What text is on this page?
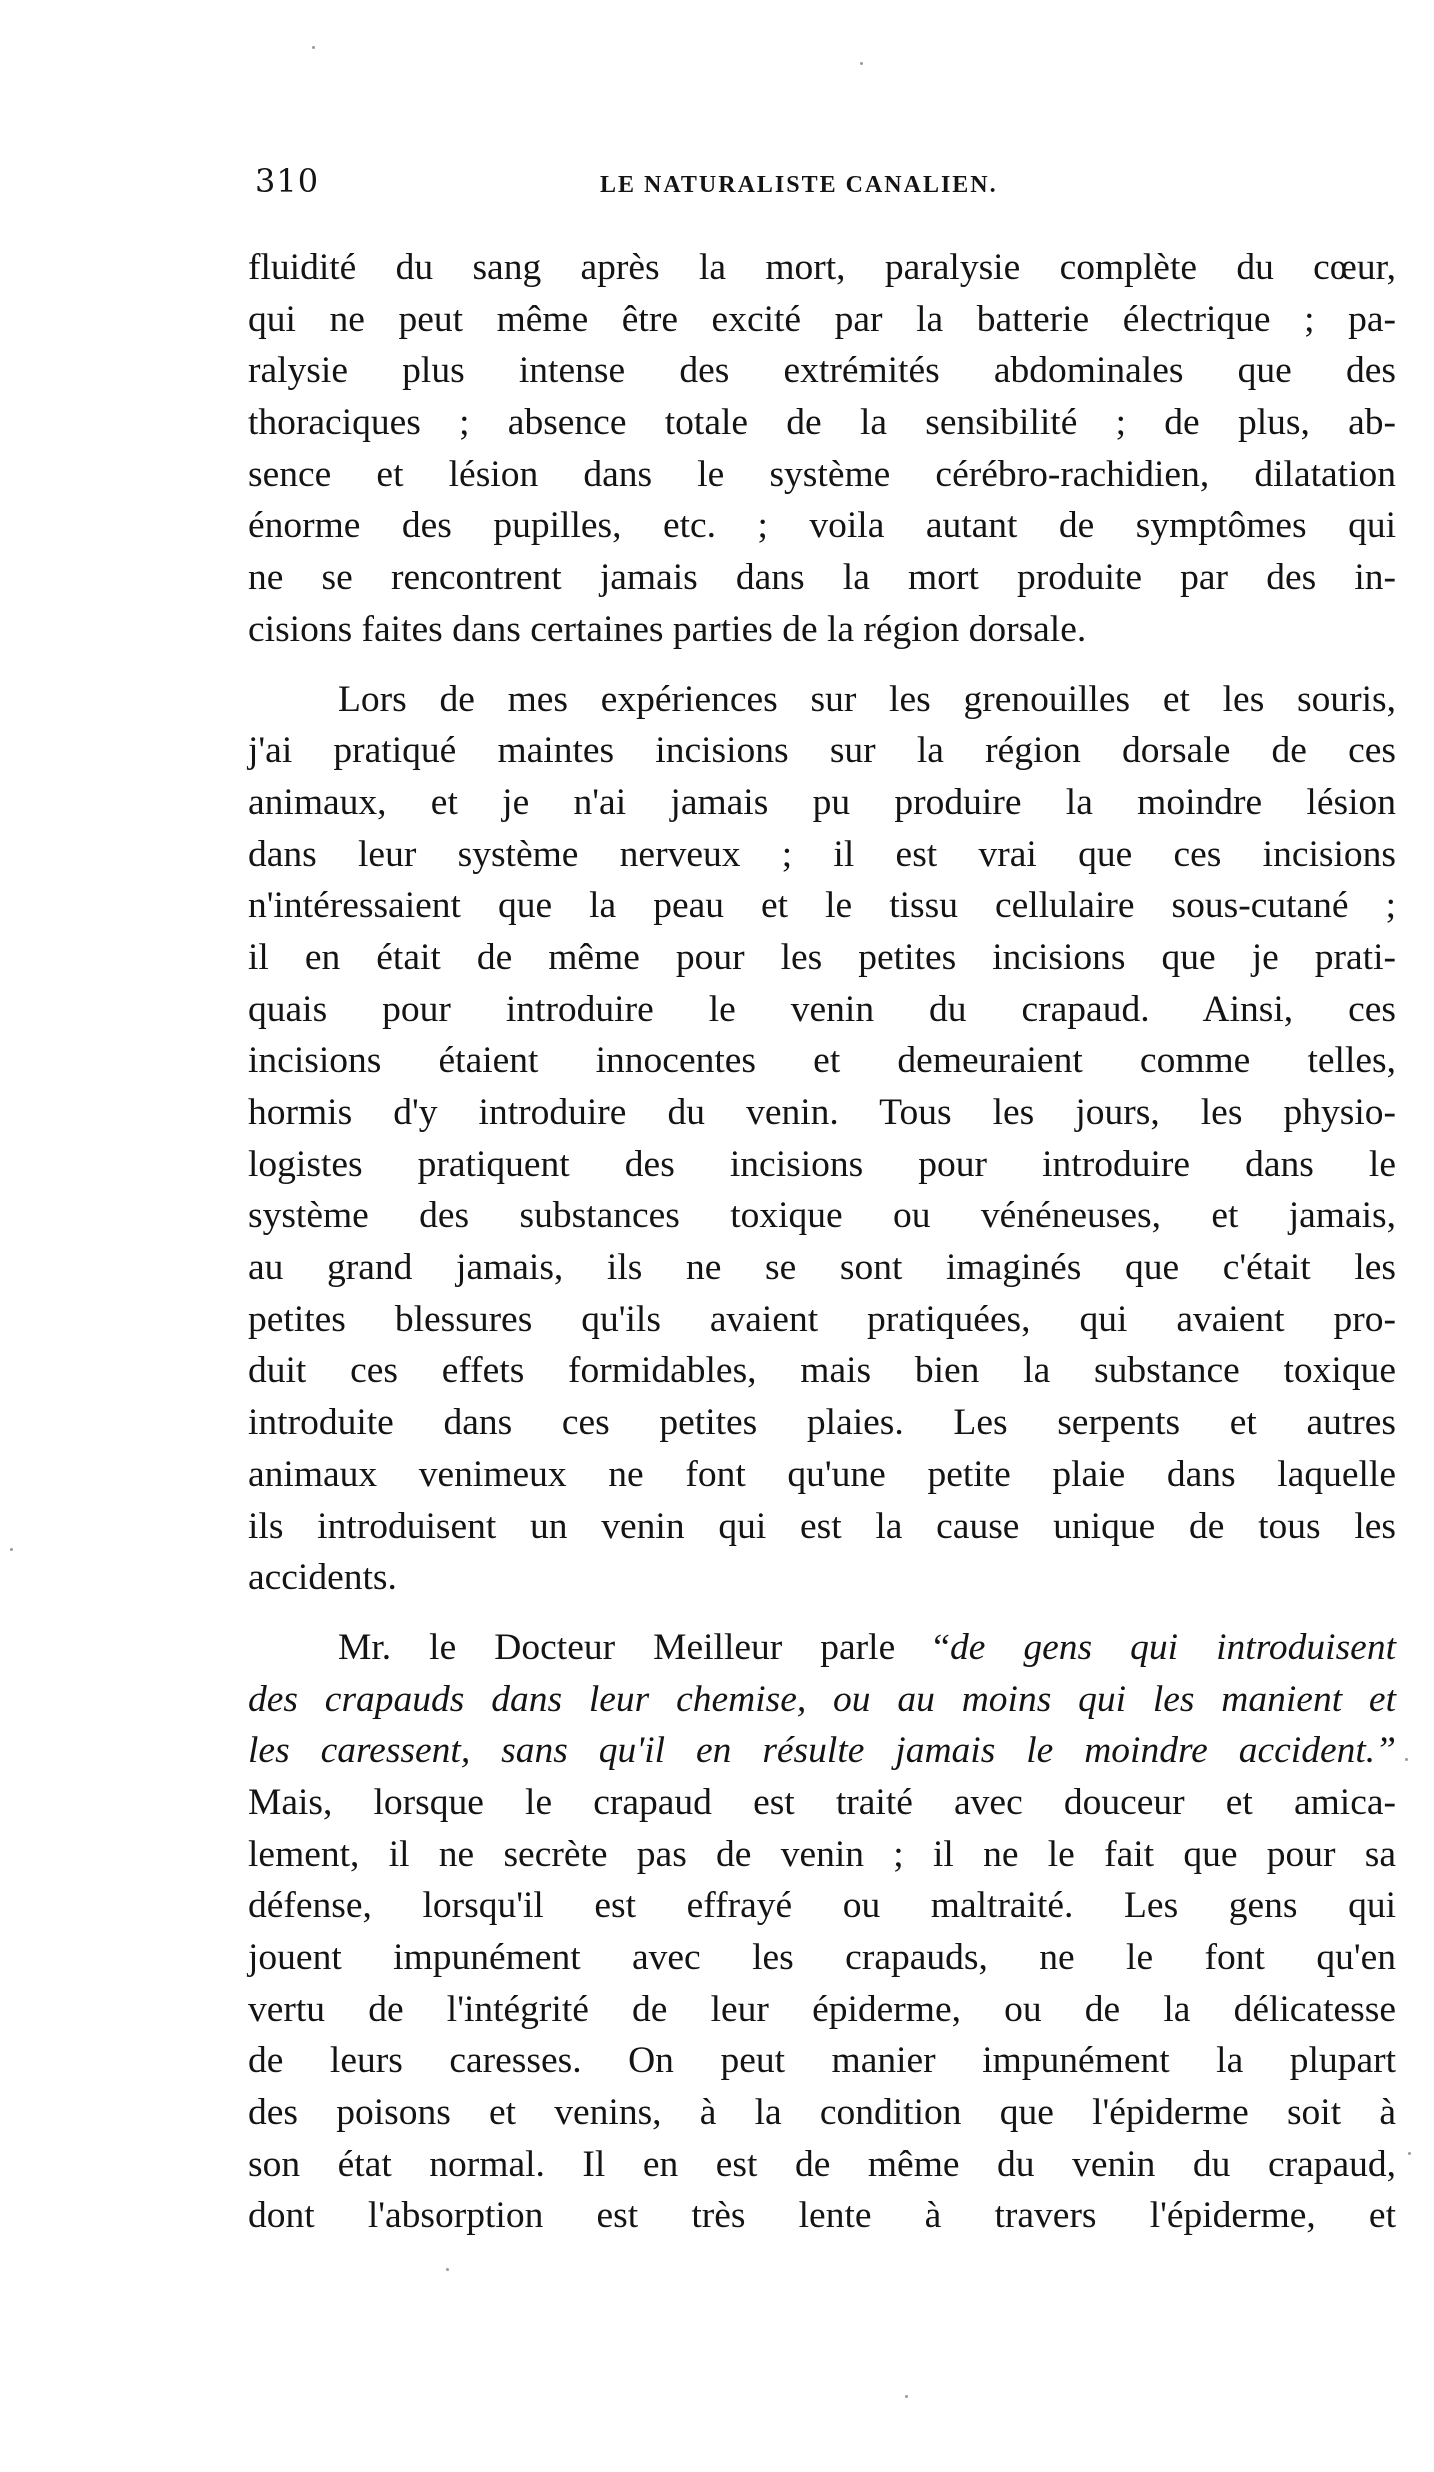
310	LE NATURALISTE CANALIEN.
fluidité du sang après la mort, paralysie complète du cœur,
qui ne peut même être excité par la batterie électrique ; pa-
ralysie plus intense des extrémités abdominales que des
thoraciques ; absence totale de la sensibilité ; de plus, ab-
sence et lésion dans le système cérébro-rachidien, dilatation
énorme des pupilles, etc. ; voila autant de symptômes qui
ne se rencontrent jamais dans la mort produite par des in-
cisions faites dans certaines parties de la région dorsale.
Lors de mes expériences sur les grenouilles et les souris,
j'ai pratiqué maintes incisions sur la région dorsale de ces
animaux, et je n'ai jamais pu produire la moindre lésion
dans leur système nerveux ; il est vrai que ces incisions
n'intéressaient que la peau et le tissu cellulaire sous-cutané ;
il en était de même pour les petites incisions que je prati-
quais pour introduire le venin du crapaud. Ainsi, ces
incisions étaient innocentes et demeuraient comme telles,
hormis d'y introduire du venin. Tous les jours, les physio-
logistes pratiquent des incisions pour introduire dans le
système des substances toxique ou vénéneuses, et jamais,
au grand jamais, ils ne se sont imaginés que c'était les
petites blessures qu'ils avaient pratiquées, qui avaient pro-
duit ces effets formidables, mais bien la substance toxique
introduite dans ces petites plaies. Les serpents et autres
animaux venimeux ne font qu'une petite plaie dans laquelle
ils introduisent un venin qui est la cause unique de tous les
accidents.
Mr. le Docteur Meilleur parle “de gens qui introduisent
des crapauds dans leur chemise, ou au moins qui les manient et
les caressent, sans qu'il en résulte jamais le moindre accident.”
Mais, lorsque le crapaud est traité avec douceur et amica-
lement, il ne secrète pas de venin ; il ne le fait que pour sa
défense, lorsqu'il est effrayé ou maltraité. Les gens qui
jouent impunément avec les crapauds, ne le font qu'en
vertu de l'intégrité de leur épiderme, ou de la délicatesse
de leurs caresses. On peut manier impunément la plupart
des poisons et venins, à la condition que l'épiderme soit à
son état normal. Il en est de même du venin du crapaud,
dont l'absorption est très lente à travers l'épiderme, et
